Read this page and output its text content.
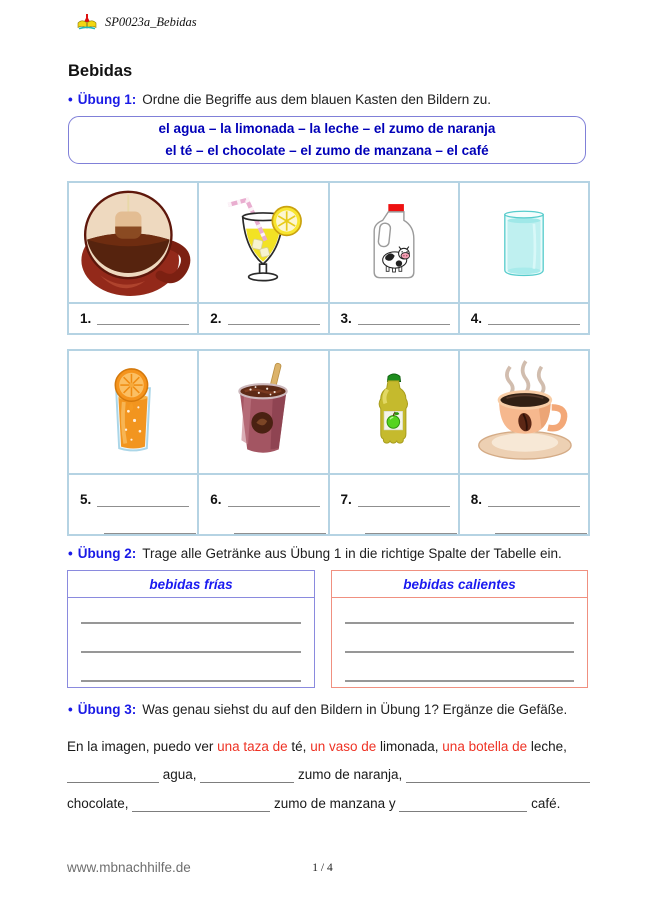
SP0023a_Bebidas
Bebidas
• Übung 1: Ordne die Begriffe aus dem blauen Kasten den Bildern zu.
el agua – la limonada – la leche – el zumo de naranja
el té – el chocolate – el zumo de manzana – el café
1.	2.	3.	4.
5.	6.	7.	8.
• Übung 2: Trage alle Getränke aus Übung 1 in die richtige Spalte der Tabelle ein.
bebidas frías	bebidas calientes
• Übung 3: Was genau siehst du auf den Bildern in Übung 1? Ergänze die Gefäße.
En la imagen, puedo ver una taza de té, un vaso de limonada, una botella de leche,
agua,	zumo de naranja,
chocolate,	zumo de manzana y	café.
www.mbnachhilfe.de	1 / 4
